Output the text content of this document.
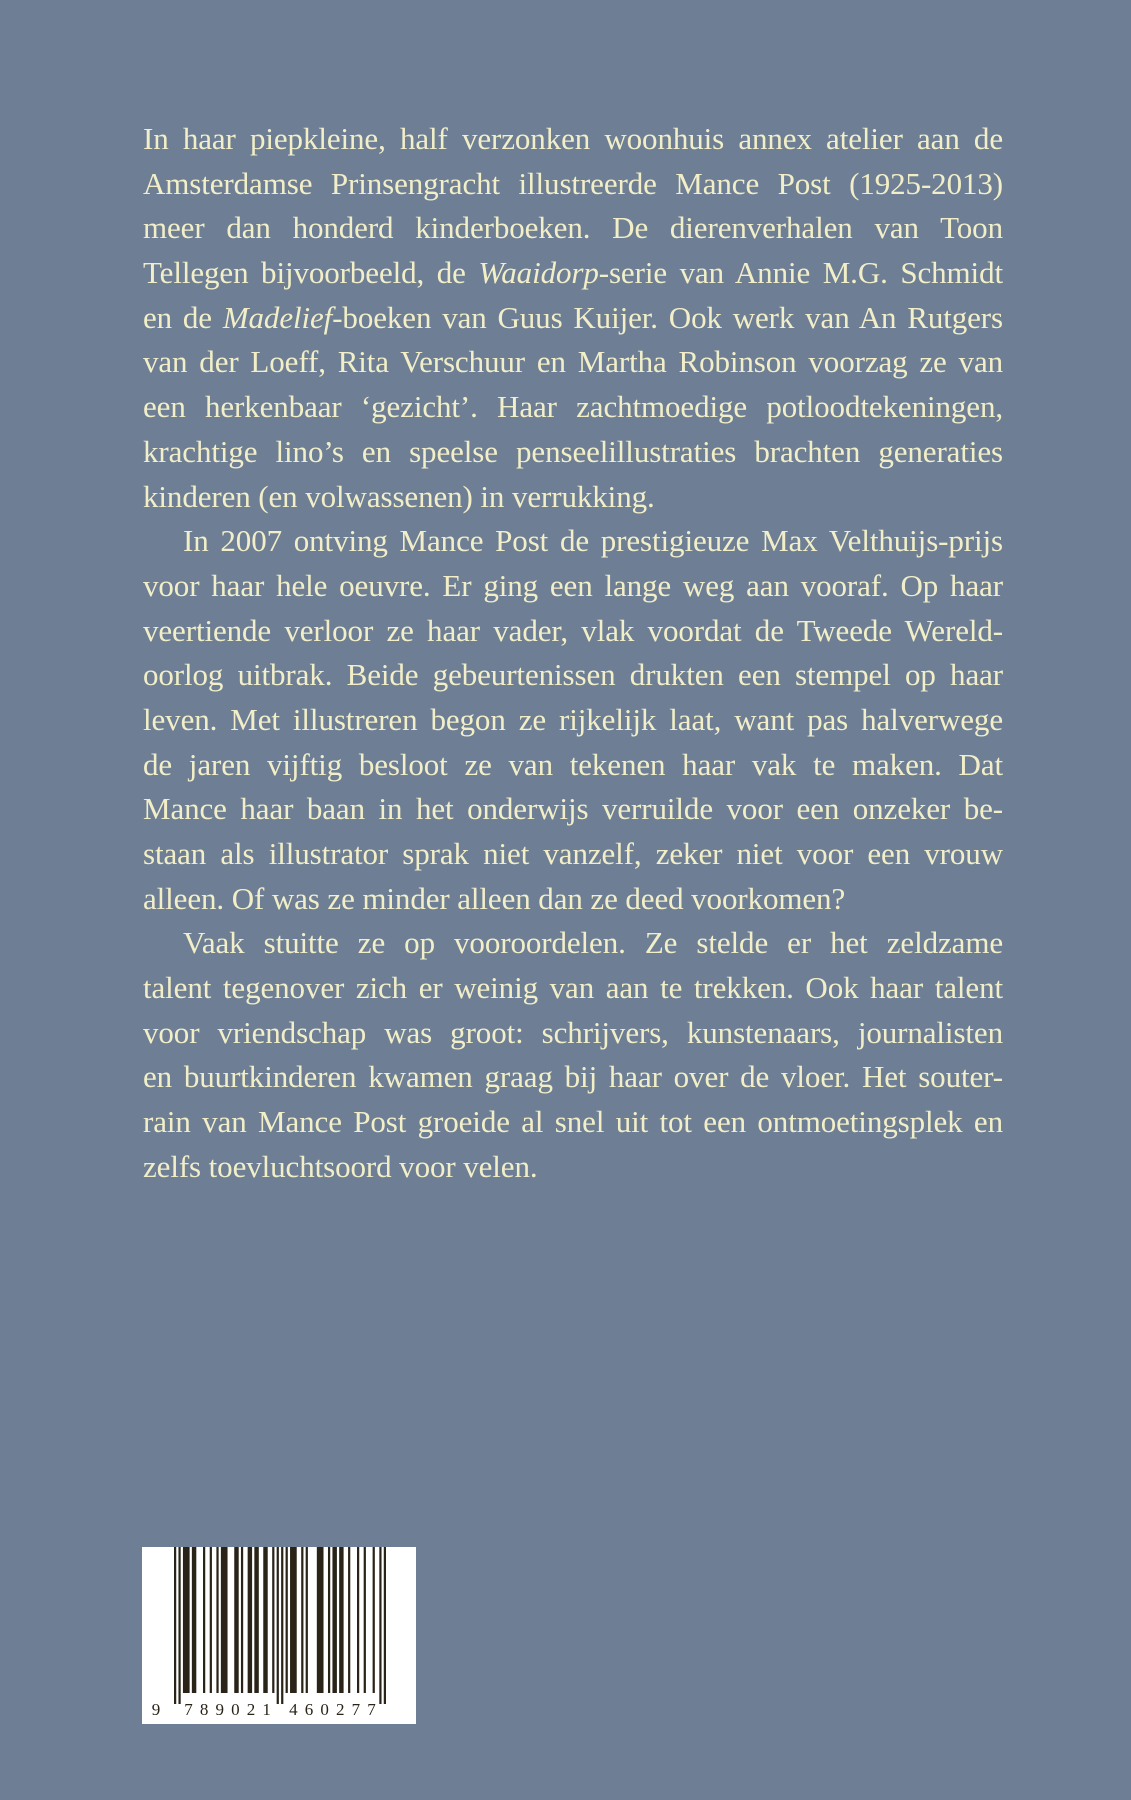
In haar piepkleine, half verzonken woonhuis annex atelier aan de
Amsterdamse Prinsengracht illustreerde Mance Post (1925-2013)
meer dan honderd kinderboeken. De dierenverhalen van Toon
Tellegen bijvoorbeeld, de Waaidorp-serie van Annie M.G. Schmidt
en de Madelief-boeken van Guus Kuijer. Ook werk van An Rutgers
van der Loeff, Rita Verschuur en Martha Robinson voorzag ze van
een herkenbaar ‘gezicht’. Haar zachtmoedige potloodtekeningen,
krachtige lino’s en speelse penseelillustraties brachten generaties
kinderen (en volwassenen) in verrukking.
In 2007 ontving Mance Post de prestigieuze Max Velthuijs-prijs
voor haar hele oeuvre. Er ging een lange weg aan vooraf. Op haar
veertiende verloor ze haar vader, vlak voordat de Tweede Wereld-
oorlog uitbrak. Beide gebeurtenissen drukten een stempel op haar
leven. Met illustreren begon ze rijkelijk laat, want pas halverwege
de jaren vijftig besloot ze van tekenen haar vak te maken. Dat
Mance haar baan in het onderwijs verruilde voor een onzeker be-
staan als illustrator sprak niet vanzelf, zeker niet voor een vrouw
alleen. Of was ze minder alleen dan ze deed voorkomen?
Vaak stuitte ze op vooroordelen. Ze stelde er het zeldzame
talent tegenover zich er weinig van aan te trekken. Ook haar talent
voor vriendschap was groot: schrijvers, kunstenaars, journalisten
en buurtkinderen kwamen graag bij haar over de vloer. Het souter-
rain van Mance Post groeide al snel uit tot een ontmoetingsplek en
zelfs toevluchtsoord voor velen.
9 7 8 9 0 2 1 4 6 0 2 7 7
